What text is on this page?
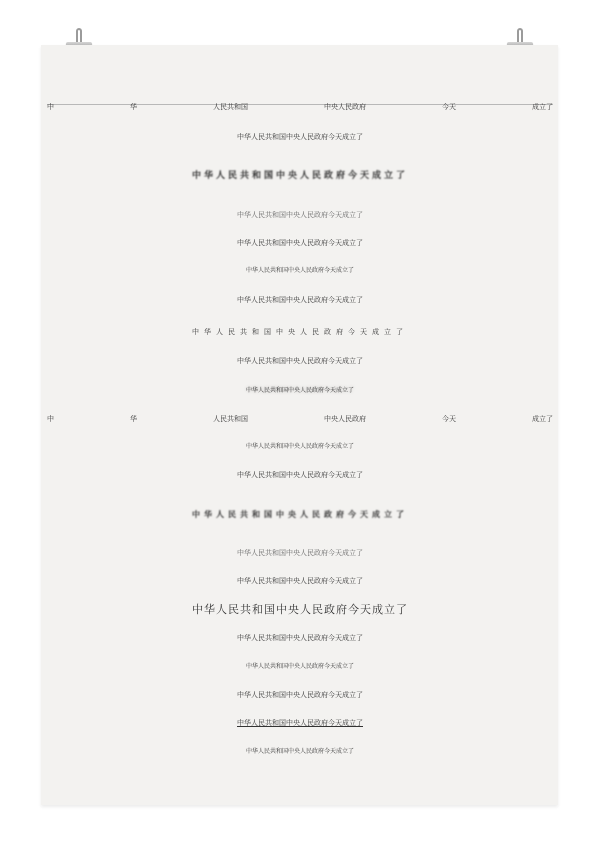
中	华	人民共和国	中央人民政府	今天	成立了
中华人民共和国中央人民政府今天成立了
中华人民共和国中央人民政府今天成立了
中华人民共和国中央人民政府今天成立了
中华人民共和国中央人民政府今天成立了
中华人民共和国中央人民政府今天成立了
中华人民共和国中央人民政府今天成立了
中华人民共和国中央人民政府今天成立了
中华人民共和国中央人民政府今天成立了
中华人民共和国中央人民政府今天成立了
中	华	人民共和国	中央人民政府	今天	成立了
中华人民共和国中央人民政府今天成立了
中华人民共和国中央人民政府今天成立了
中华人民共和国中央人民政府今天成立了
中华人民共和国中央人民政府今天成立了
中华人民共和国中央人民政府今天成立了
中华人民共和国中央人民政府今天成立了
中华人民共和国中央人民政府今天成立了
中华人民共和国中央人民政府今天成立了
中华人民共和国中央人民政府今天成立了
中华人民共和国中央人民政府今天成立了
中华人民共和国中央人民政府今天成立了
